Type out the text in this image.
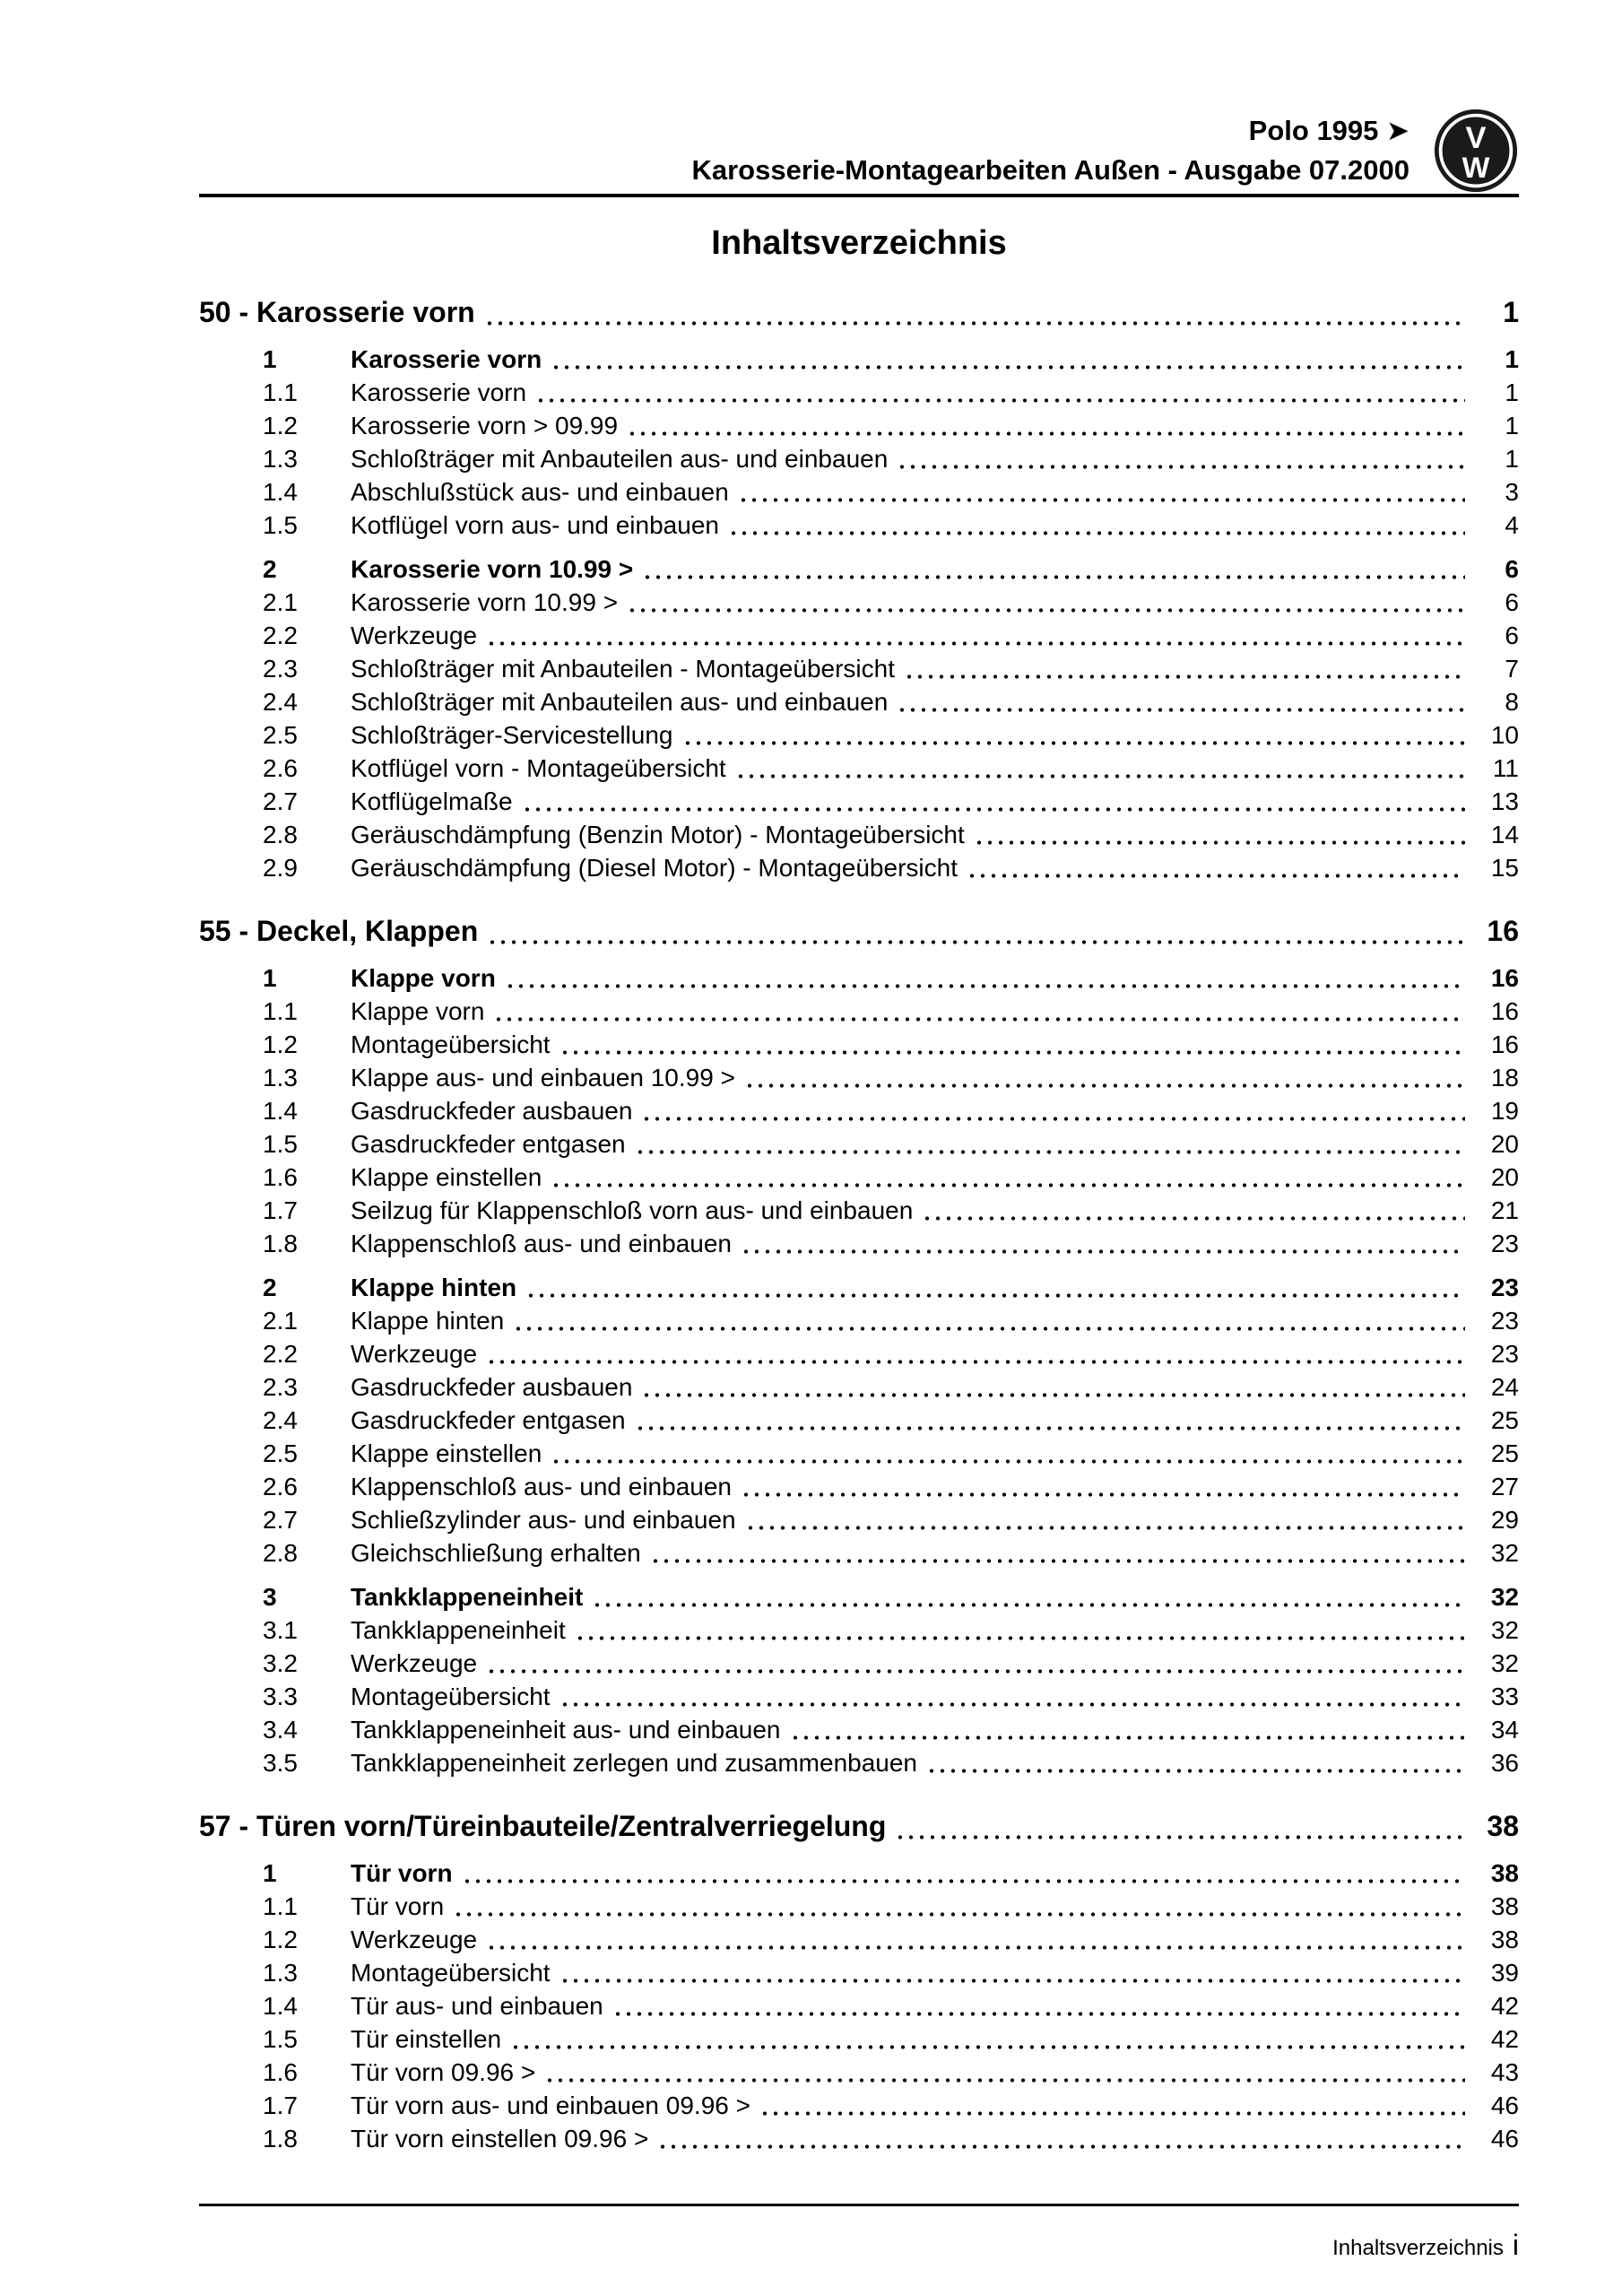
Polo 1995 ➤
Karosserie-Montagearbeiten Außen - Ausgabe 07.2000
V
W
Inhaltsverzeichnis
50 - Karosserie vorn	1
1	Karosserie vorn	1
1.1	Karosserie vorn	1
1.2	Karosserie vorn > 09.99	1
1.3	Schloßträger mit Anbauteilen aus- und einbauen	1
1.4	Abschlußstück aus- und einbauen	3
1.5	Kotflügel vorn aus- und einbauen	4
2	Karosserie vorn 10.99 >	6
2.1	Karosserie vorn 10.99 >	6
2.2	Werkzeuge	6
2.3	Schloßträger mit Anbauteilen - Montageübersicht	7
2.4	Schloßträger mit Anbauteilen aus- und einbauen	8
2.5	Schloßträger-Servicestellung	10
2.6	Kotflügel vorn - Montageübersicht	11
2.7	Kotflügelmaße	13
2.8	Geräuschdämpfung (Benzin Motor) - Montageübersicht	14
2.9	Geräuschdämpfung (Diesel Motor) - Montageübersicht	15
55 - Deckel, Klappen	16
1	Klappe vorn	16
1.1	Klappe vorn	16
1.2	Montageübersicht	16
1.3	Klappe aus- und einbauen 10.99 >	18
1.4	Gasdruckfeder ausbauen	19
1.5	Gasdruckfeder entgasen	20
1.6	Klappe einstellen	20
1.7	Seilzug für Klappenschloß vorn aus- und einbauen	21
1.8	Klappenschloß aus- und einbauen	23
2	Klappe hinten	23
2.1	Klappe hinten	23
2.2	Werkzeuge	23
2.3	Gasdruckfeder ausbauen	24
2.4	Gasdruckfeder entgasen	25
2.5	Klappe einstellen	25
2.6	Klappenschloß aus- und einbauen	27
2.7	Schließzylinder aus- und einbauen	29
2.8	Gleichschließung erhalten	32
3	Tankklappeneinheit	32
3.1	Tankklappeneinheit	32
3.2	Werkzeuge	32
3.3	Montageübersicht	33
3.4	Tankklappeneinheit aus- und einbauen	34
3.5	Tankklappeneinheit zerlegen und zusammenbauen	36
57 - Türen vorn/Türeinbauteile/Zentralverriegelung	38
1	Tür vorn	38
1.1	Tür vorn	38
1.2	Werkzeuge	38
1.3	Montageübersicht	39
1.4	Tür aus- und einbauen	42
1.5	Tür einstellen	42
1.6	Tür vorn 09.96 >	43
1.7	Tür vorn aus- und einbauen 09.96 >	46
1.8	Tür vorn einstellen 09.96 >	46
Inhaltsverzeichnis i
